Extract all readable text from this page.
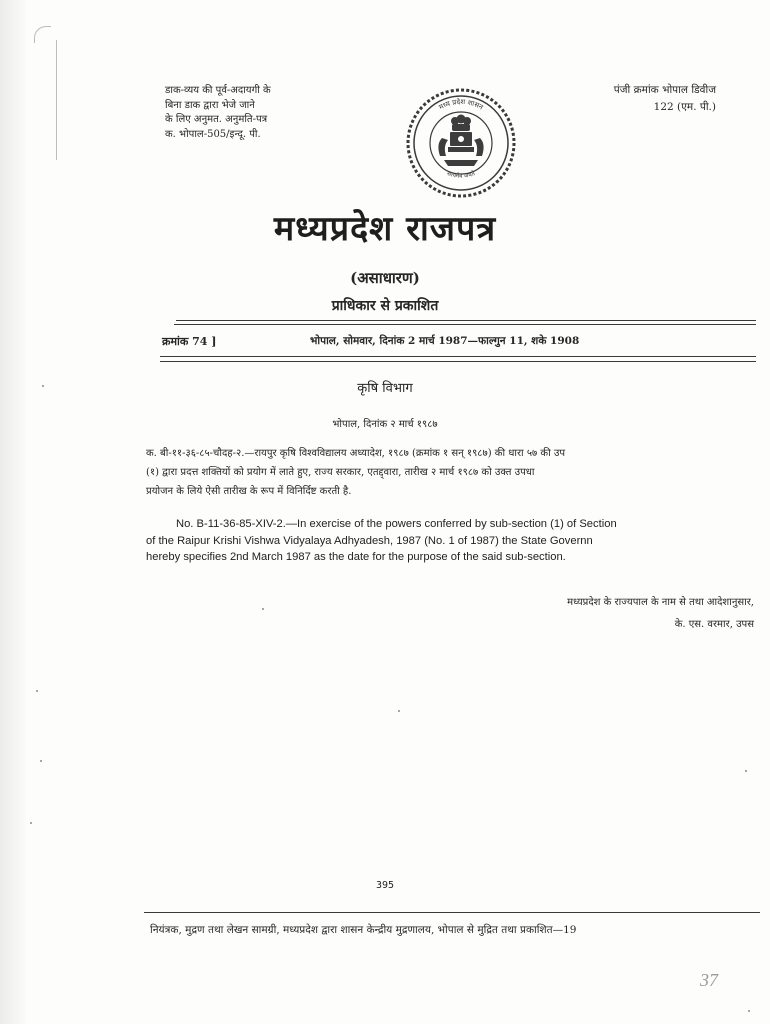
डाक-व्यय की पूर्व-अदायगी के
बिना डाक द्वारा भेजे जाने
के लिए अनुमत. अनुमति-पत्र
क. भोपाल-505/इन्दू. पी.
पंजी क्रमांक भोपाल डिवीज
122 (एम. पी.)
मध्य प्रदेश शासन
सत्यमेव जयते
मध्यप्रदेश राजपत्र
(असाधारण)
प्राधिकार से प्रकाशित
क्रमांक 74 ]	भोपाल, सोमवार, दिनांक 2 मार्च 1987—फाल्गुन 11, शके 1908
कृषि विभाग
भोपाल, दिनांक २ मार्च १९८७
क. बी-११-३६-८५-चौदह-२.—रायपुर कृषि विश्वविद्यालय अध्यादेश, १९८७ (क्रमांक १ सन् १९८७) की धारा ५७ की उप
(१) द्वारा प्रदत्त शक्तियों को प्रयोग में लाते हुए, राज्य सरकार, एतद्द्वारा, तारीख २ मार्च १९८७ को उक्त उपधा
प्रयोजन के लिये ऐसी तारीख के रूप में विनिर्दिष्ट करती है.
No. B-11-36-85-XIV-2.—In exercise of the powers conferred by sub-section (1) of Section
of the Raipur Krishi Vishwa Vidyalaya Adhyadesh, 1987 (No. 1 of 1987) the State Governn
hereby specifies 2nd March 1987 as the date for the purpose of the said sub-section.
मध्यप्रदेश के राज्यपाल के नाम से तथा आदेशानुसार,
के. एस. वरमार, उपस
395
नियंत्रक, मुद्रण तथा लेखन सामग्री, मध्यप्रदेश द्वारा शासन केन्द्रीय मुद्रणालय, भोपाल से मुद्रित तथा प्रकाशित—19
37
